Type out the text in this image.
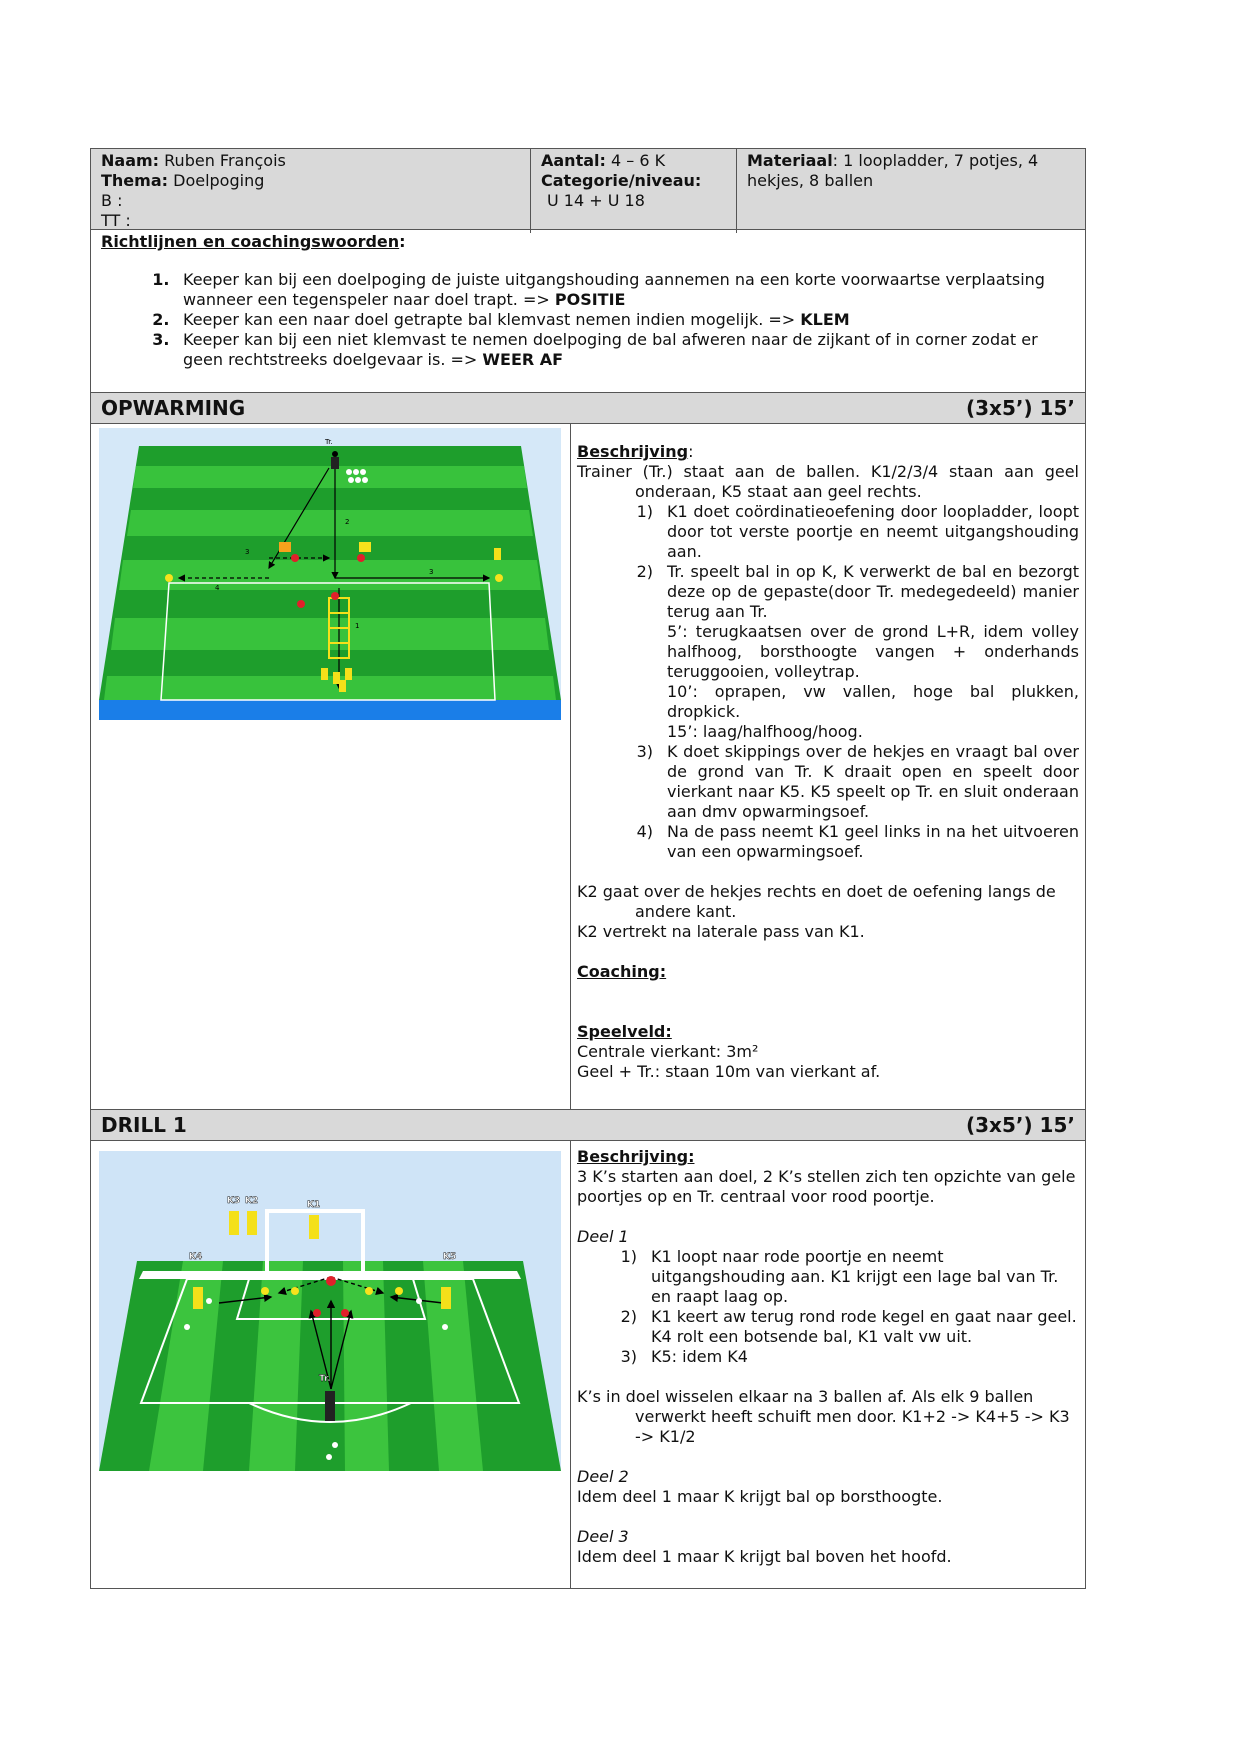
Naam: Ruben François
Thema: Doelpoging
B :
TT :
Aantal: 4 – 6 K
Categorie/niveau:
U 14 + U 18
Materiaal: 1 loopladder, 7 potjes, 4 hekjes, 8 ballen
Richtlijnen en coachingswoorden:
1. Keeper kan bij een doelpoging de juiste uitgangshouding aannemen na een korte voorwaartse verplaatsing wanneer een tegenspeler naar doel trapt. => POSITIE
2. Keeper kan een naar doel getrapte bal klemvast nemen indien mogelijk. => KLEM
3. Keeper kan bij een niet klemvast te nemen doelpoging de bal afweren naar de zijkant of in corner zodat er geen rechtstreeks doelgevaar is. => WEER AF
OPWARMING	(3x5’) 15’
Tr.
2
3
3
4
1
Beschrijving:
Trainer (Tr.) staat aan de ballen. K1/2/3/4 staan aan geel onderaan, K5 staat aan geel rechts.
1) K1 doet coördinatieoefening door loopladder, loopt door tot verste poortje en neemt uitgangshouding aan.
2) Tr. speelt bal in op K, K verwerkt de bal en bezorgt deze op de gepaste(door Tr. medegedeeld) manier terug aan Tr.
5’: terugkaatsen over de grond L+R, idem volley halfhoog, borsthoogte vangen + onderhands teruggooien, volleytrap.
10’: oprapen, vw vallen, hoge bal plukken, dropkick.
15’: laag/halfhoog/hoog.
3) K doet skippings over de hekjes en vraagt bal over de grond van Tr. K draait open en speelt door vierkant naar K5. K5 speelt op Tr. en sluit onderaan aan dmv opwarmingsoef.
4) Na de pass neemt K1 geel links in na het uitvoeren van een opwarmingsoef.
K2 gaat over de hekjes rechts en doet de oefening langs de andere kant.
K2 vertrekt na laterale pass van K1.
Coaching:
Speelveld:
Centrale vierkant: 3m²
Geel + Tr.: staan 10m van vierkant af.
DRILL 1	(3x5’) 15’
K3 K2	K1
K4	K5
Tr.
Beschrijving:
3 K’s starten aan doel, 2 K’s stellen zich ten opzichte van gele poortjes op en Tr. centraal voor rood poortje.
Deel 1
1) K1 loopt naar rode poortje en neemt uitgangshouding aan. K1 krijgt een lage bal van Tr. en raapt laag op.
2) K1 keert aw terug rond rode kegel en gaat naar geel. K4 rolt een botsende bal, K1 valt vw uit.
3) K5: idem K4
K’s in doel wisselen elkaar na 3 ballen af. Als elk 9 ballen verwerkt heeft schuift men door. K1+2 -> K4+5 -> K3 -> K1/2
Deel 2
Idem deel 1 maar K krijgt bal op borsthoogte.
Deel 3
Idem deel 1 maar K krijgt bal boven het hoofd.
